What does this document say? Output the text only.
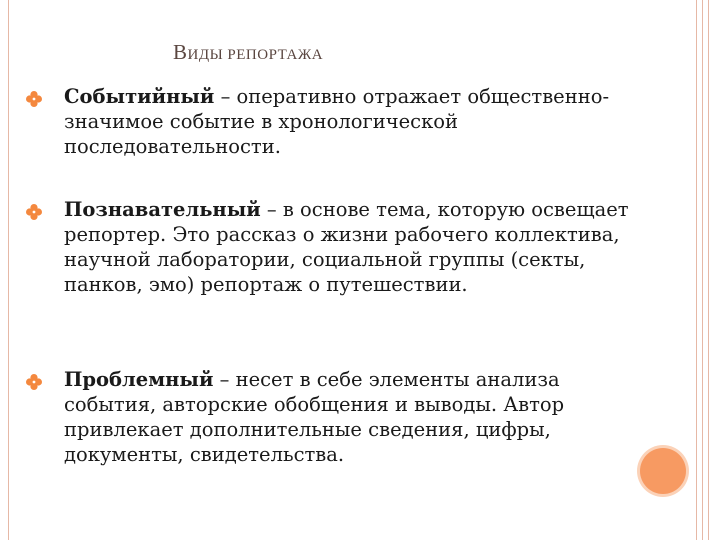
ВИДЫ РЕПОРТАЖА
Событийный – оперативно отражает общественно-значимое событие в хронологической последовательности.
Познавательный – в основе тема, которую освещает репортер. Это рассказ о жизни рабочего коллектива, научной лаборатории, социальной группы (секты, панков, эмо) репортаж о путешествии.
Проблемный – несет в себе элементы анализа события, авторские обобщения и выводы. Автор привлекает дополнительные сведения, цифры, документы, свидетельства.
